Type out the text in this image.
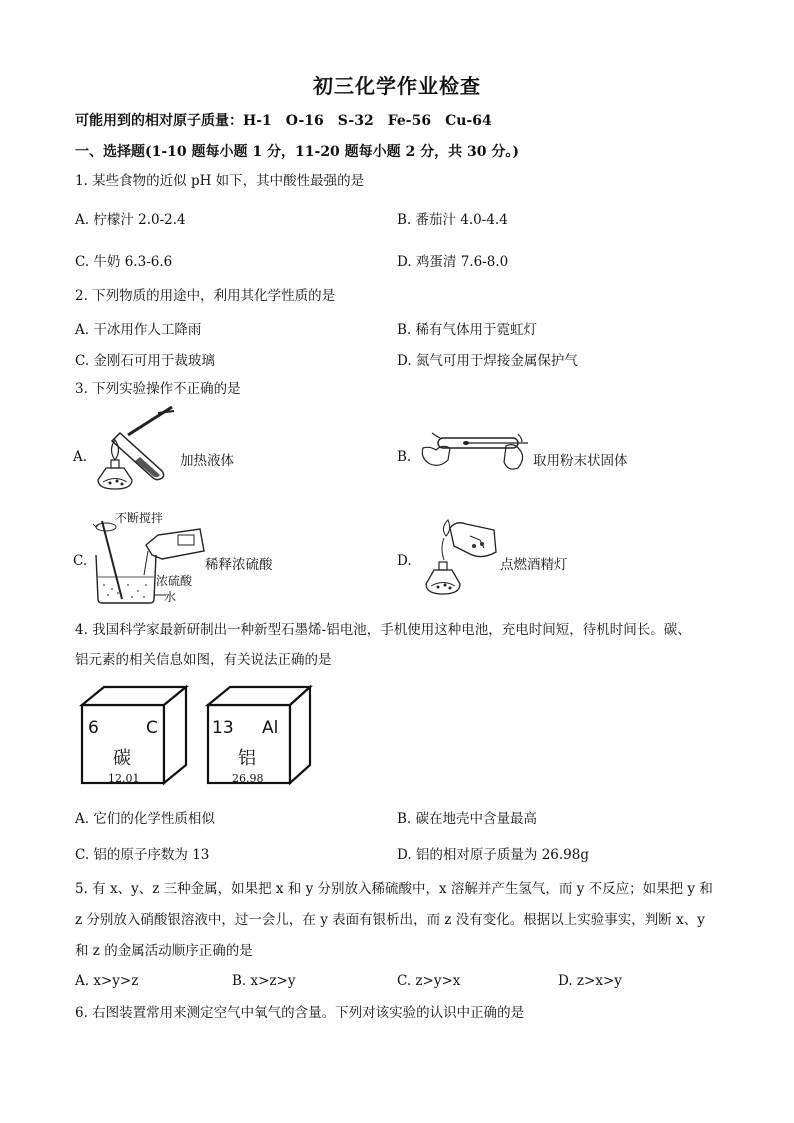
初三化学作业检查
可能用到的相对原子质量：H-1　O-16　S-32　Fe-56　Cu-64
一、选择题(1-10 题每小题 1 分，11-20 题每小题 2 分，共 30 分。)
1. 某些食物的近似 pH 如下，其中酸性最强的是
A. 柠檬汁 2.0-2.4	B. 番茄汁 4.0-4.4
C. 牛奶 6.3-6.6	D. 鸡蛋清 7.6-8.0
2. 下列物质的用途中，利用其化学性质的是
A. 干冰用作人工降雨	B. 稀有气体用于霓虹灯
C. 金刚石可用于裁玻璃	D. 氮气可用于焊接金属保护气
3. 下列实验操作不正确的是
A.	加热液体	B.	取用粉末状固体
C.
不断搅拌
稀释浓硫酸
浓硫酸
水
D.	点燃酒精灯
4. 我国科学家最新研制出一种新型石墨烯-铝电池，手机使用这种电池，充电时间短，待机时间长。碳、
铝元素的相关信息如图，有关说法正确的是
6	C
碳
12.01
13 Al
铝
26.98
A. 它们的化学性质相似	B. 碳在地壳中含量最高
C. 铝的原子序数为 13	D. 铝的相对原子质量为 26.98g
5. 有 x、y、z 三种金属，如果把 x 和 y 分别放入稀硫酸中，x 溶解并产生氢气，而 y 不反应；如果把 y 和
z 分别放入硝酸银溶液中，过一会儿，在 y 表面有银析出，而 z 没有变化。根据以上实验事实，判断 x、y
和 z 的金属活动顺序正确的是
A. x>y>z	B. x>z>y	C. z>y>x	D. z>x>y
6. 右图装置常用来测定空气中氧气的含量。下列对该实验的认识中正确的是
